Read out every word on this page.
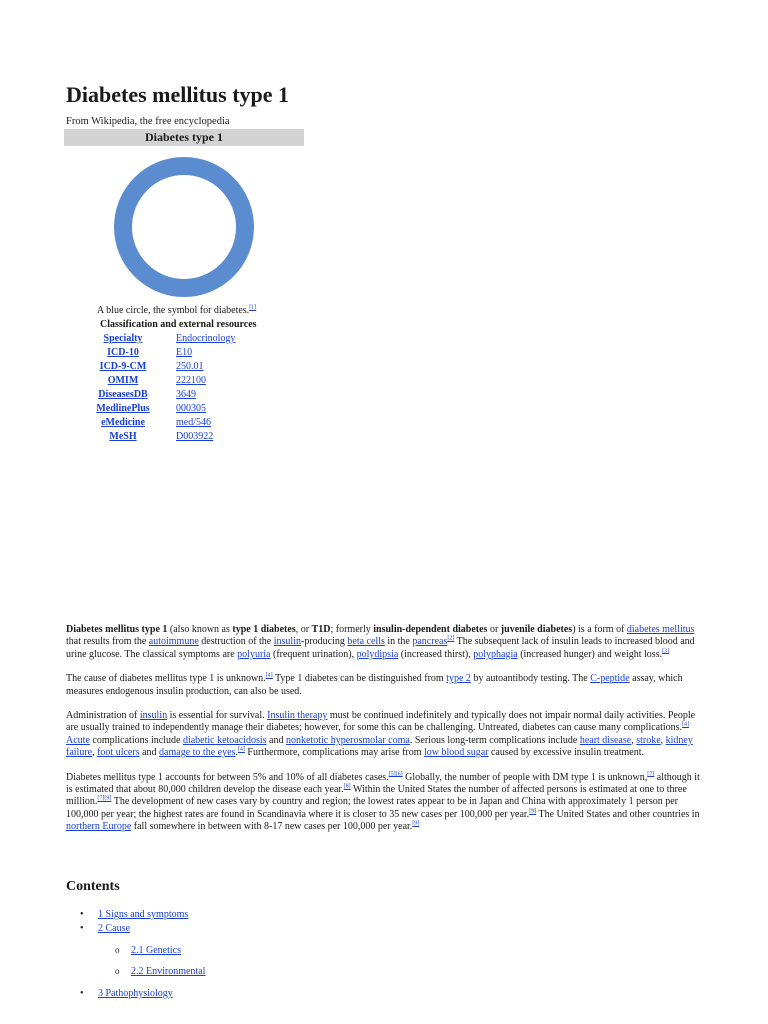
Diabetes mellitus type 1
From Wikipedia, the free encyclopedia
Diabetes type 1
A blue circle, the symbol for diabetes.[1]
Classification and external resources
Specialty	Endocrinology
ICD-10	E10
ICD-9-CM	250.01
OMIM	222100
DiseasesDB	3649
MedlinePlus	000305
eMedicine	med/546
MeSH	D003922

Diabetes mellitus type 1 (also known as type 1 diabetes, or T1D; formerly insulin-dependent diabetes or juvenile diabetes) is a form of diabetes mellitus that results from the autoimmune destruction of the insulin-producing beta cells in the pancreas[2] The subsequent lack of insulin leads to increased blood and urine glucose. The classical symptoms are polyuria (frequent urination), polydipsia (increased thirst), polyphagia (increased hunger) and weight loss.[3]

The cause of diabetes mellitus type 1 is unknown.[4] Type 1 diabetes can be distinguished from type 2 by autoantibody testing. The C-peptide assay, which measures endogenous insulin production, can also be used.

Administration of insulin is essential for survival. Insulin therapy must be continued indefinitely and typically does not impair normal daily activities. People are usually trained to independently manage their diabetes; however, for some this can be challenging. Untreated, diabetes can cause many complications.[4] Acute complications include diabetic ketoacidosis and nonketotic hyperosmolar coma. Serious long-term complications include heart disease, stroke, kidney failure, foot ulcers and damage to the eyes.[4] Furthermore, complications may arise from low blood sugar caused by excessive insulin treatment.

Diabetes mellitus type 1 accounts for between 5% and 10% of all diabetes cases.[5][6] Globally, the number of people with DM type 1 is unknown,[7] although it is estimated that about 80,000 children develop the disease each year.[8] Within the United States the number of affected persons is estimated at one to three million.[7][9] The development of new cases vary by country and region; the lowest rates appear to be in Japan and China with approximately 1 person per 100,000 per year; the highest rates are found in Scandinavia where it is closer to 35 new cases per 100,000 per year.[9] The United States and other countries in northern Europe fall somewhere in between with 8-17 new cases per 100,000 per year.[9]

Contents
• 1 Signs and symptoms
• 2 Cause
o 2.1 Genetics
o 2.2 Environmental
• 3 Pathophysiology
